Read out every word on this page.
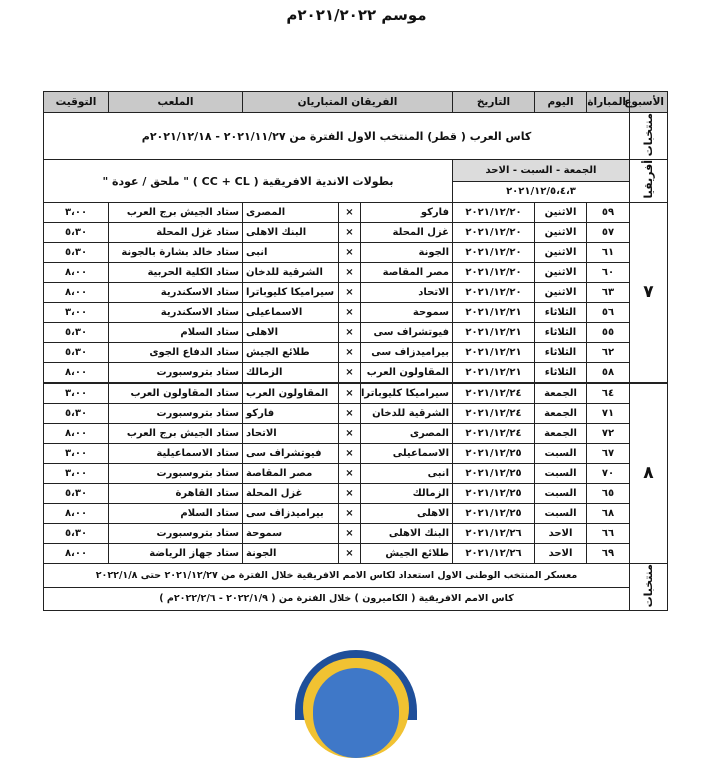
موسم ٢٠٢١/٢٠٢٢م
الأسبوع	المباراة	اليوم	التاريخ	الفريقان المتباريان			الملعب	التوقيت
منتخبات	كاس العرب ( قطر) المنتخب الاول الفترة من ٢٠٢١/١١/٢٧ - ٢٠٢١/١٢/١٨م							
أفريقيا	الجمعة - السبت - الاحد			بطولات الاندية الافريقية ( CC + CL ) " ملحق / عودة "				
	٢٠٢١/١٢/٥،٤،٣							
٧	٥٩	الاثنين	٢٠٢١/١٢/٢٠	فاركو	×	المصرى	ستاد الجيش برج العرب	٣،٠٠
	٥٧	الاثنين	٢٠٢١/١٢/٢٠	غزل المحلة	×	البنك الاهلى	ستاد غزل المحلة	٥،٣٠
	٦١	الاثنين	٢٠٢١/١٢/٢٠	الجونة	×	انبى	ستاد خالد بشارة بالجونة	٥،٣٠
	٦٠	الاثنين	٢٠٢١/١٢/٢٠	مصر المقاصة	×	الشرقية للدخان	ستاد الكلية الحربية	٨،٠٠
	٦٣	الاثنين	٢٠٢١/١٢/٢٠	الاتحاد	×	سيراميكا كليوباترا	ستاد الاسكندرية	٨،٠٠
	٥٦	الثلاثاء	٢٠٢١/١٢/٢١	سموحة	×	الاسماعيلى	ستاد الاسكندرية	٣،٠٠
	٥٥	الثلاثاء	٢٠٢١/١٢/٢١	فيوتشراف سى	×	الاهلى	ستاد السلام	٥،٣٠
	٦٢	الثلاثاء	٢٠٢١/١٢/٢١	بيراميدزاف سى	×	طلائع الجيش	ستاد الدفاع الجوى	٥،٣٠
	٥٨	الثلاثاء	٢٠٢١/١٢/٢١	المقاولون العرب	×	الزمالك	ستاد بتروسبورت	٨،٠٠
٨	٦٤	الجمعة	٢٠٢١/١٢/٢٤	سيراميكا كليوباترا	×	المقاولون العرب	ستاد المقاولون العرب	٣،٠٠
	٧١	الجمعة	٢٠٢١/١٢/٢٤	الشرقية للدخان	×	فاركو	ستاد بتروسبورت	٥،٣٠
	٧٢	الجمعة	٢٠٢١/١٢/٢٤	المصرى	×	الاتحاد	ستاد الجيش برج العرب	٨،٠٠
	٦٧	السبت	٢٠٢١/١٢/٢٥	الاسماعيلى	×	فيوتشراف سى	ستاد الاسماعيلية	٣،٠٠
	٧٠	السبت	٢٠٢١/١٢/٢٥	انبى	×	مصر المقاصة	ستاد بتروسبورت	٣،٠٠
	٦٥	السبت	٢٠٢١/١٢/٢٥	الزمالك	×	غزل المحلة	ستاد القاهرة	٥،٣٠
	٦٨	السبت	٢٠٢١/١٢/٢٥	الاهلى	×	بيراميدزاف سى	ستاد السلام	٨،٠٠
	٦٦	الاحد	٢٠٢١/١٢/٢٦	البنك الاهلى	×	سموحة	ستاد بتروسبورت	٥،٣٠
	٦٩	الاحد	٢٠٢١/١٢/٢٦	طلائع الجيش	×	الجونة	ستاد جهاز الرياضة	٨،٠٠
منتخبات	معسكر المنتخب الوطنى الاول استعداد لكاس الامم الافريقية خلال الفترة من ٢٠٢١/١٢/٢٧ حتى ٢٠٢٢/١/٨							
	كاس الامم الافريقية ( الكاميرون ) خلال الفترة من ( ٢٠٢٢/١/٩ - ٢٠٢٢/٢/٦م )							
